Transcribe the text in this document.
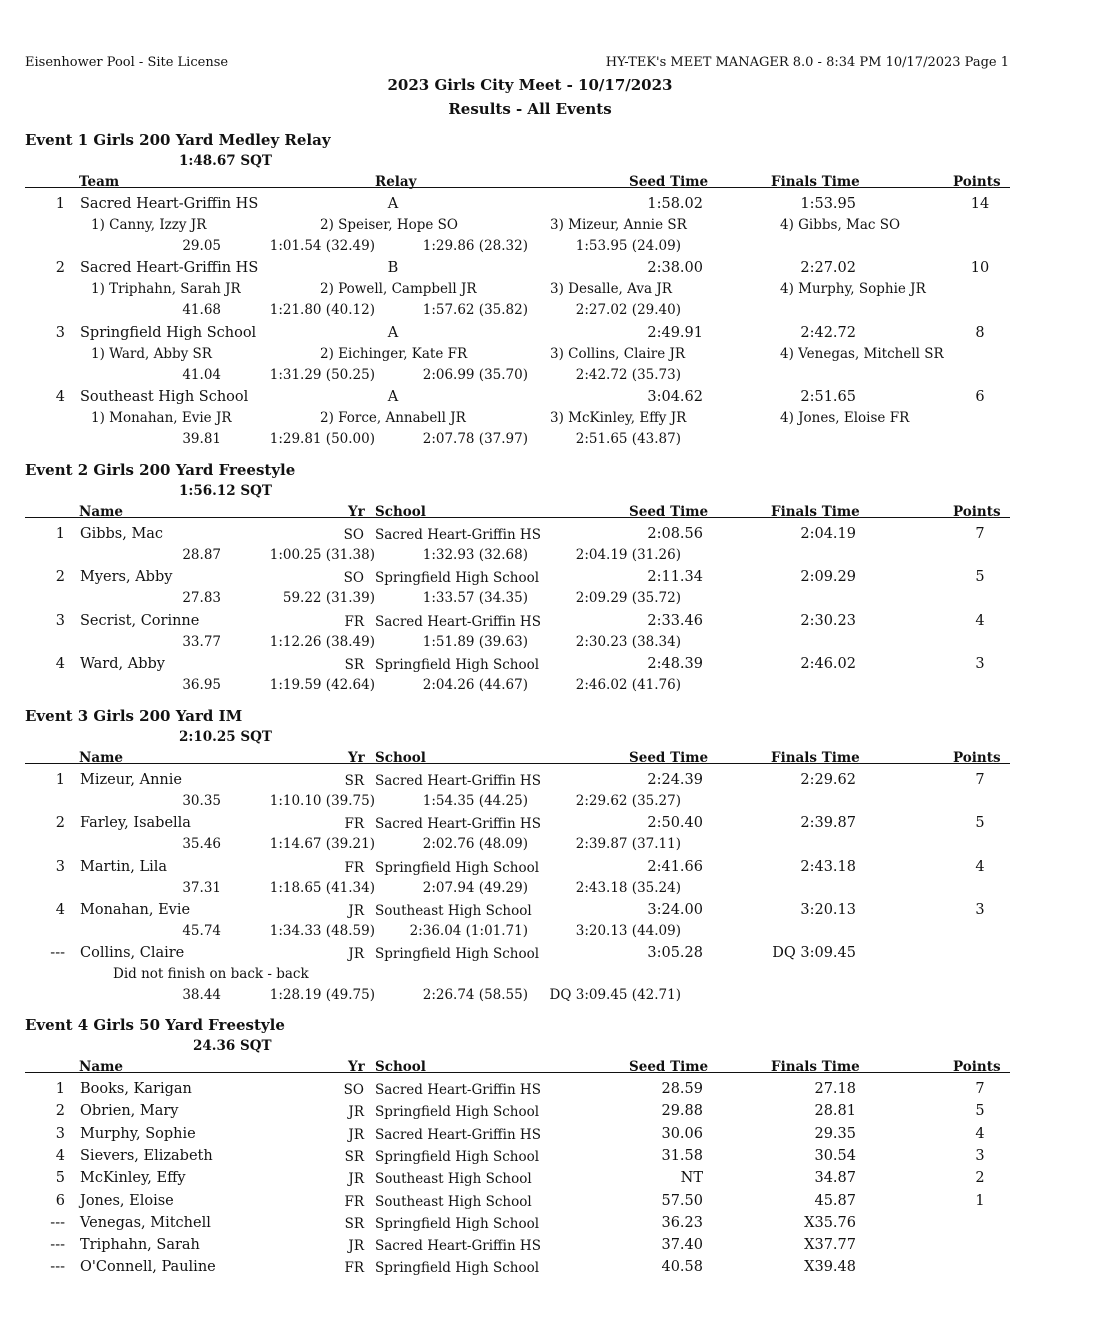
Eisenhower Pool - Site License	HY-TEK's MEET MANAGER 8.0 - 8:34 PM 10/17/2023 Page 1
2023 Girls City Meet - 10/17/2023
Results - All Events
Event 1 Girls 200 Yard Medley Relay
1:48.67 SQT
Team	Relay	Seed Time	Finals Time	Points
1 Sacred Heart-Griffin HS	A	1:58.02	1:53.95	14
1) Canny, Izzy JR	2) Speiser, Hope SO	3) Mizeur, Annie SR	4) Gibbs, Mac SO
29.05	1:01.54 (32.49)	1:29.86 (28.32)	1:53.95 (24.09)
2 Sacred Heart-Griffin HS	B	2:38.00	2:27.02	10
1) Triphahn, Sarah JR	2) Powell, Campbell JR	3) Desalle, Ava JR	4) Murphy, Sophie JR
41.68	1:21.80 (40.12)	1:57.62 (35.82)	2:27.02 (29.40)
3 Springfield High School	A	2:49.91	2:42.72	8
1) Ward, Abby SR	2) Eichinger, Kate FR	3) Collins, Claire JR	4) Venegas, Mitchell SR
41.04	1:31.29 (50.25)	2:06.99 (35.70)	2:42.72 (35.73)
4 Southeast High School	A	3:04.62	2:51.65	6
1) Monahan, Evie JR	2) Force, Annabell JR	3) McKinley, Effy JR	4) Jones, Eloise FR
39.81	1:29.81 (50.00)	2:07.78 (37.97)	2:51.65 (43.87)
Event 2 Girls 200 Yard Freestyle
1:56.12 SQT
Name	Yr School	Seed Time	Finals Time	Points
1 Gibbs, Mac	SO Sacred Heart-Griffin HS	2:08.56	2:04.19	7
28.87	1:00.25 (31.38)	1:32.93 (32.68)	2:04.19 (31.26)
2 Myers, Abby	SO Springfield High School	2:11.34	2:09.29	5
27.83	59.22 (31.39)	1:33.57 (34.35)	2:09.29 (35.72)
3 Secrist, Corinne	FR Sacred Heart-Griffin HS	2:33.46	2:30.23	4
33.77	1:12.26 (38.49)	1:51.89 (39.63)	2:30.23 (38.34)
4 Ward, Abby	SR Springfield High School	2:48.39	2:46.02	3
36.95	1:19.59 (42.64)	2:04.26 (44.67)	2:46.02 (41.76)
Event 3 Girls 200 Yard IM
2:10.25 SQT
Name	Yr School	Seed Time	Finals Time	Points
1 Mizeur, Annie	SR Sacred Heart-Griffin HS	2:24.39	2:29.62	7
30.35	1:10.10 (39.75)	1:54.35 (44.25)	2:29.62 (35.27)
2 Farley, Isabella	FR Sacred Heart-Griffin HS	2:50.40	2:39.87	5
35.46	1:14.67 (39.21)	2:02.76 (48.09)	2:39.87 (37.11)
3 Martin, Lila	FR Springfield High School	2:41.66	2:43.18	4
37.31	1:18.65 (41.34)	2:07.94 (49.29)	2:43.18 (35.24)
4 Monahan, Evie	JR Southeast High School	3:24.00	3:20.13	3
45.74	1:34.33 (48.59)	2:36.04 (1:01.71)	3:20.13 (44.09)
--- Collins, Claire	JR Springfield High School	3:05.28	DQ 3:09.45
Did not finish on back - back
38.44	1:28.19 (49.75)	2:26.74 (58.55)	DQ 3:09.45 (42.71)
Event 4 Girls 50 Yard Freestyle
24.36 SQT
Name	Yr School	Seed Time	Finals Time	Points
1 Books, Karigan	SO Sacred Heart-Griffin HS	28.59	27.18	7
2 Obrien, Mary	JR Springfield High School	29.88	28.81	5
3 Murphy, Sophie	JR Sacred Heart-Griffin HS	30.06	29.35	4
4 Sievers, Elizabeth	SR Springfield High School	31.58	30.54	3
5 McKinley, Effy	JR Southeast High School	NT	34.87	2
6 Jones, Eloise	FR Southeast High School	57.50	45.87	1
--- Venegas, Mitchell	SR Springfield High School	36.23	X35.76
--- Triphahn, Sarah	JR Sacred Heart-Griffin HS	37.40	X37.77
--- O'Connell, Pauline	FR Springfield High School	40.58	X39.48
